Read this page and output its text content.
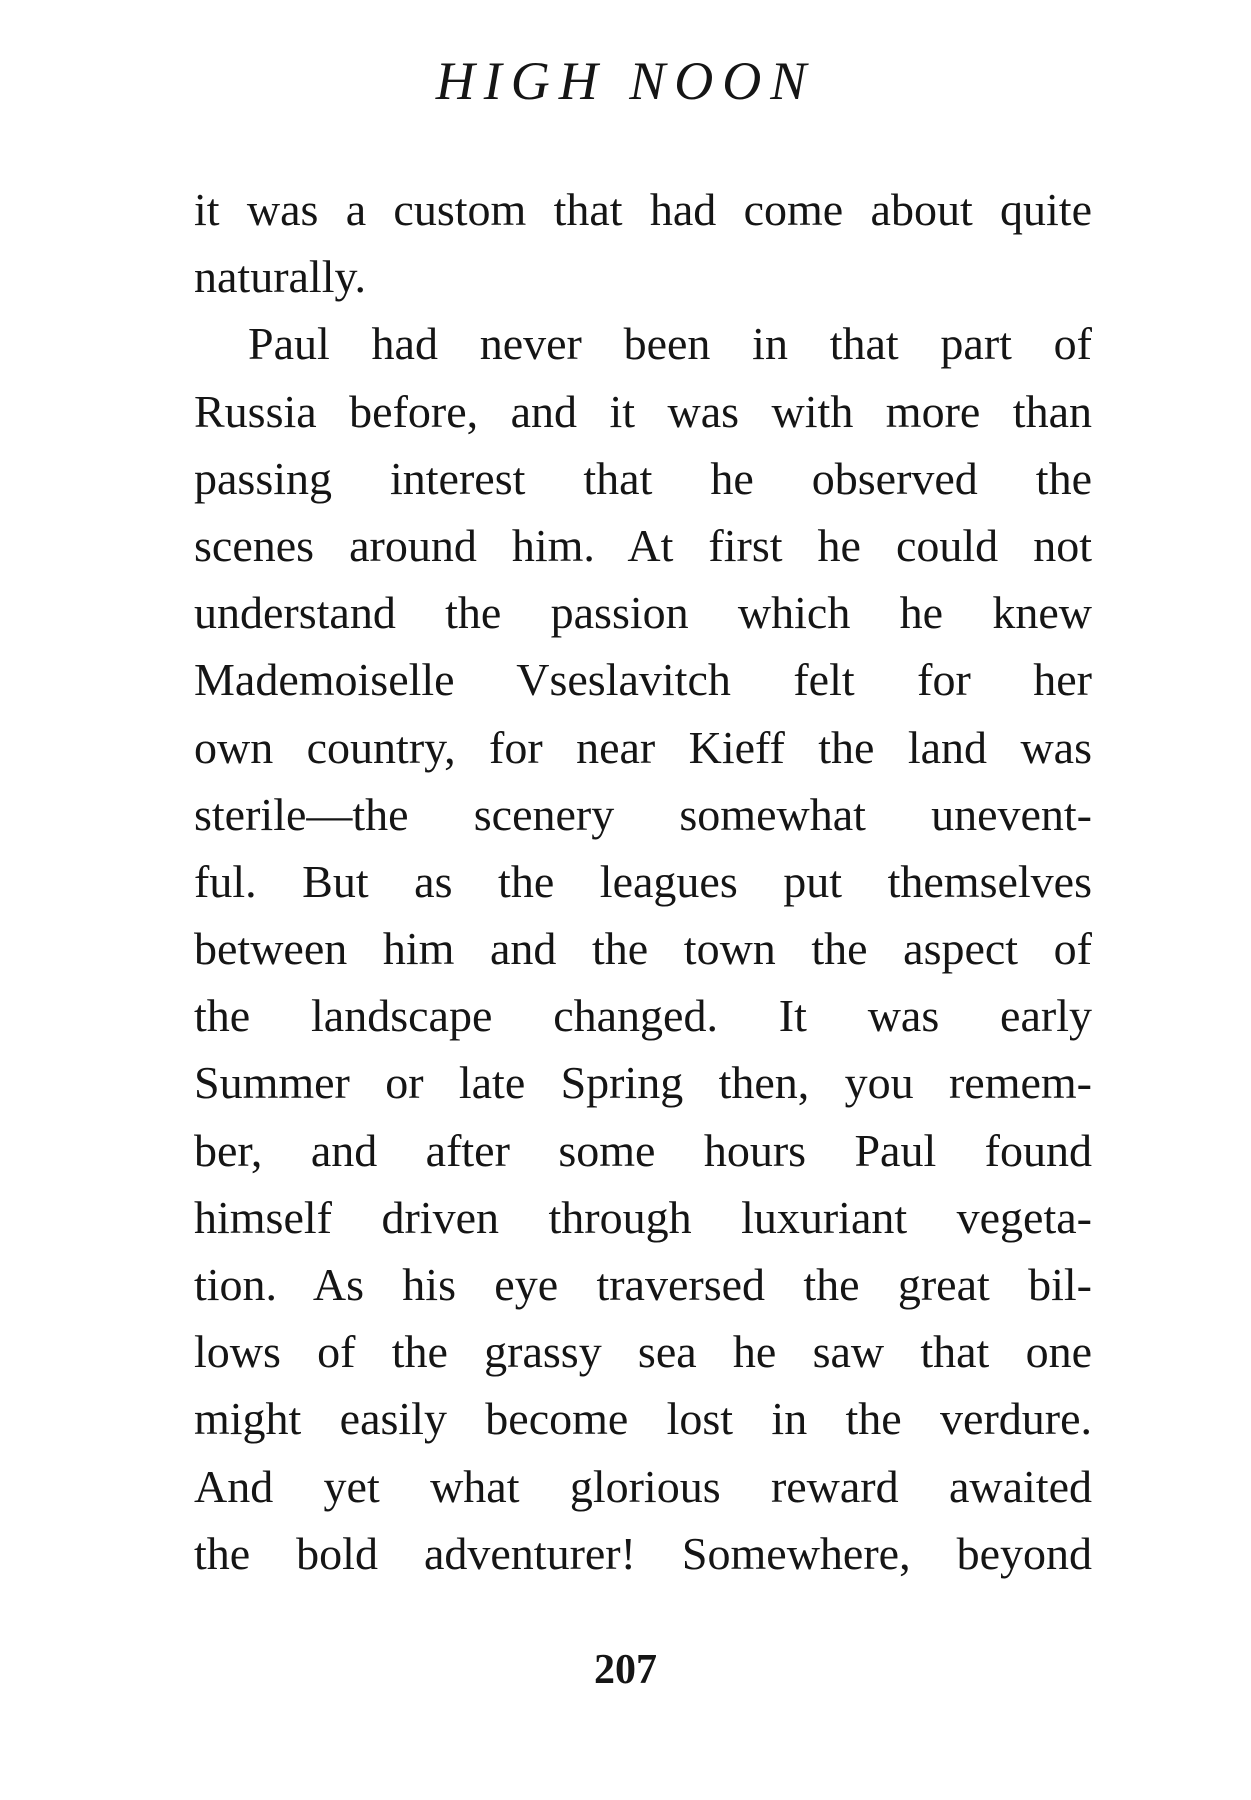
HIGH NOON
it was a custom that had come about quite
naturally.
Paul had never been in that part of
Russia before, and it was with more than
passing interest that he observed the
scenes around him. At first he could not
understand the passion which he knew
Mademoiselle Vseslavitch felt for her
own country, for near Kieff the land was
sterile—the scenery somewhat unevent-
ful. But as the leagues put themselves
between him and the town the aspect of
the landscape changed. It was early
Summer or late Spring then, you remem-
ber, and after some hours Paul found
himself driven through luxuriant vegeta-
tion. As his eye traversed the great bil-
lows of the grassy sea he saw that one
might easily become lost in the verdure.
And yet what glorious reward awaited
the bold adventurer! Somewhere, beyond
207
